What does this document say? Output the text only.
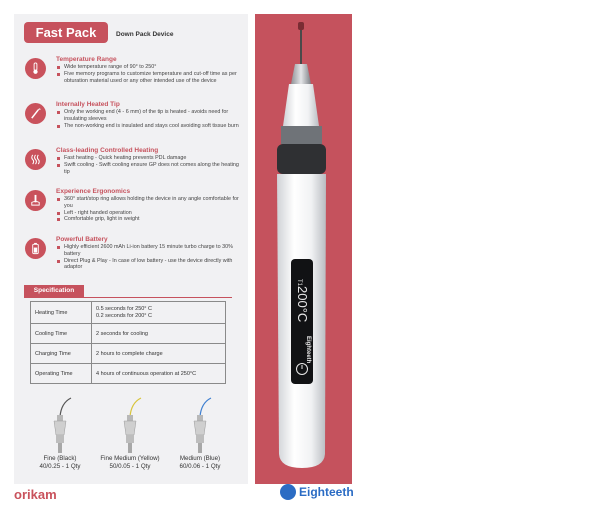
Fast Pack	Down Pack Device
Temperature Range
Wide temperature range of 90° to 250°
Five memory programs to customize temperature and cut-off time as per obturation material used or any other intended use of the device
Internally Heated Tip
Only the working end (4 - 6 mm) of the tip is heated - avoids need for insulating sleeves
The non-working end is insulated and stays cool avoiding soft tissue burn
Class-leading Controlled Heating
Fast heating - Quick heating prevents PDL damage
Swift cooling - Swift cooling ensure GP does not comes along the heating tip
Experience Ergonomics
360° start/stop ring allows holding the device in any angle comfortable for you
Left - right handed operation
Comfortable grip, light in weight
Powerful Battery
Highly efficient 2600 mAh Li-ion battery 15 minute turbo charge to 30% battery
Direct Plug & Play - In case of low battery - use the device directly with adaptor
Specification
Heating Time	0.5 seconds for 250° C
0.2 seconds for 200° C
Cooling Time	2 seconds for cooling
Charging Time	2 hours to complete charge
Operating Time	4 hours of continuous operation at 250°C
Fine (Black)
40/0.25 - 1 Qty
Fine Medium (Yellow)
50/0.05 - 1 Qty
Medium (Blue)
60/0.06 - 1 Qty
orikam
T1
200°C
Eighteeth
Eighteeth
